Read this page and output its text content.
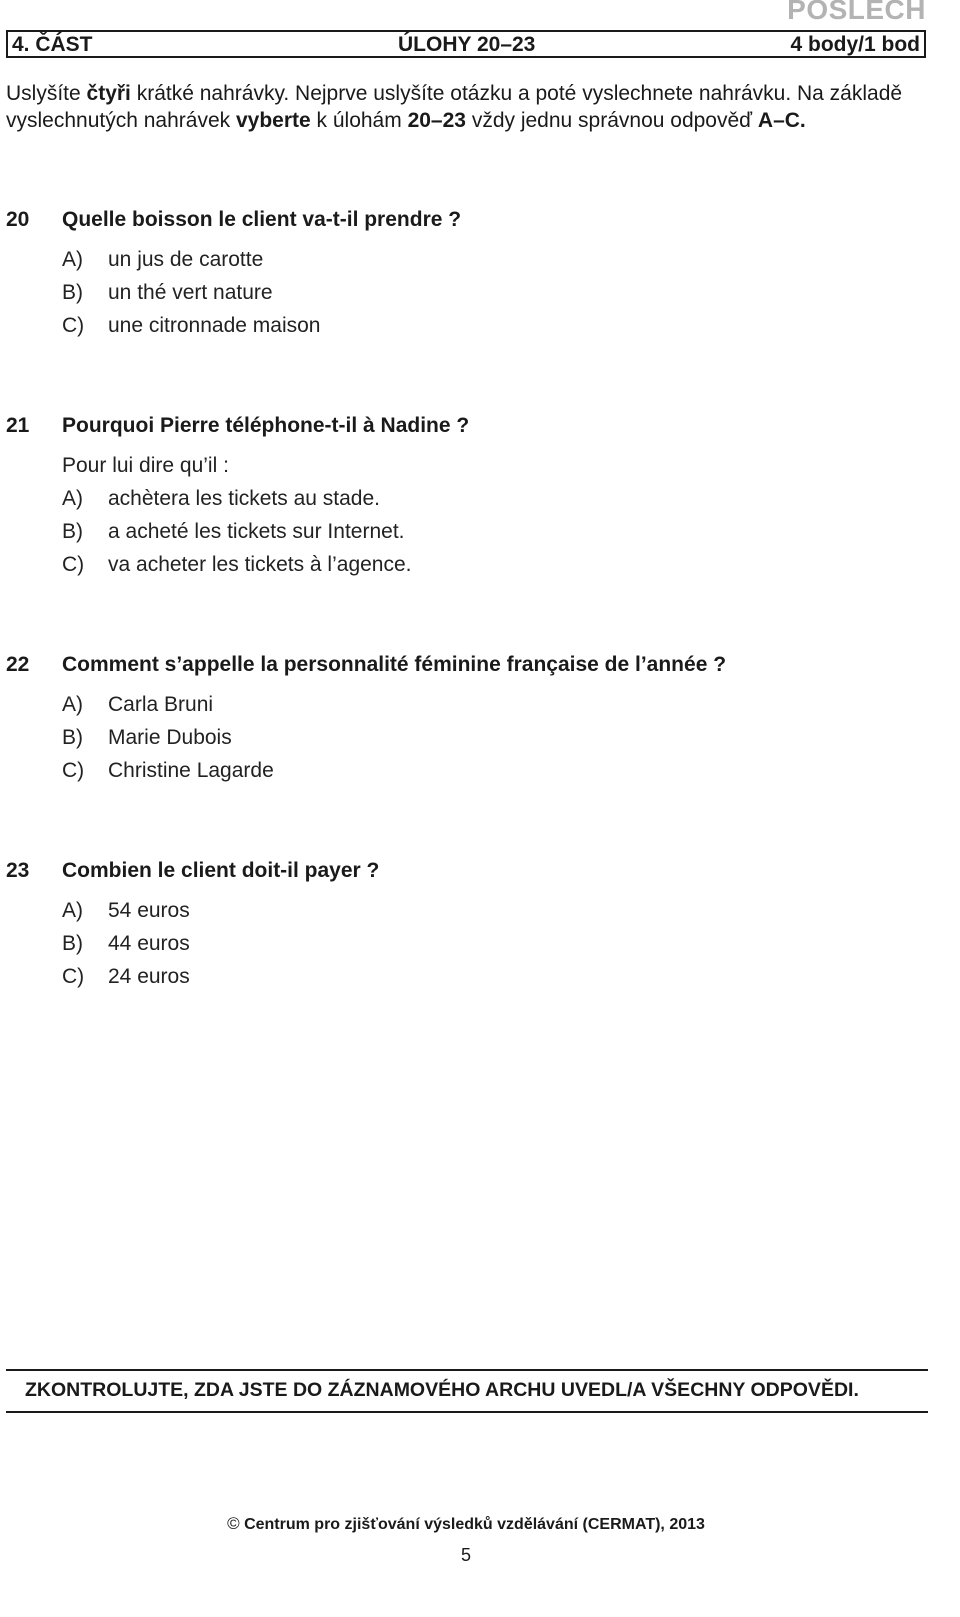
POSLECH
4. ČÁST	ÚLOHY 20–23	4 body/1 bod

Uslyšíte čtyři krátké nahrávky. Nejprve uslyšíte otázku a poté vyslechnete nahrávku. Na základě vyslechnutých nahrávek vyberte k úlohám 20–23 vždy jednu správnou odpověď A–C.

20 Quelle boisson le client va-t-il prendre ?
A) un jus de carotte
B) un thé vert nature
C) une citronnade maison
21 Pourquoi Pierre téléphone-t-il à Nadine ?
Pour lui dire qu’il :
A) achètera les tickets au stade.
B) a acheté les tickets sur Internet.
C) va acheter les tickets à l’agence.
22 Comment s’appelle la personnalité féminine française de l’année ?
A) Carla Bruni
B) Marie Dubois
C) Christine Lagarde
23 Combien le client doit-il payer ?
A) 54 euros
B) 44 euros
C) 24 euros
ZKONTROLUJTE, ZDA JSTE DO ZÁZNAMOVÉHO ARCHU UVEDL/A VŠECHNY ODPOVĚDI.
© Centrum pro zjišťování výsledků vzdělávání (CERMAT), 2013
5
